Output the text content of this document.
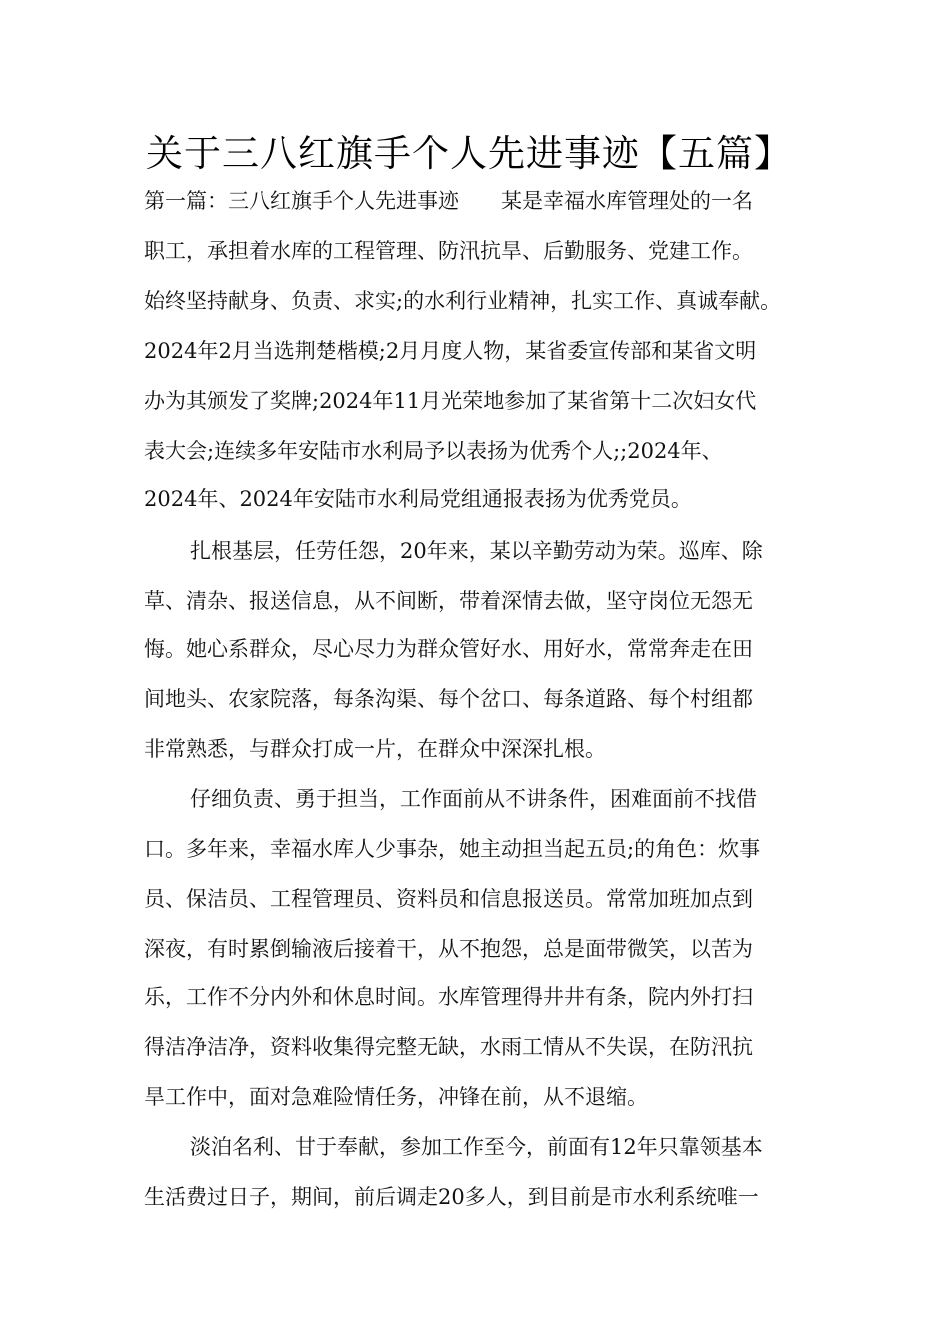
关于三八红旗手个人先进事迹【五篇】
第一篇：三八红旗手个人先进事迹　　某是幸福水库管理处的一名
职工，承担着水库的工程管理、防汛抗旱、后勤服务、党建工作。
始终坚持献身、负责、求实;的水利行业精神，扎实工作、真诚奉献。
2024年2月当选荆楚楷模;2月月度人物，某省委宣传部和某省文明
办为其颁发了奖牌;2024年11月光荣地参加了某省第十二次妇女代
表大会;连续多年安陆市水利局予以表扬为优秀个人;;2024年、
2024年、2024年安陆市水利局党组通报表扬为优秀党员。
扎根基层，任劳任怨，20年来，某以辛勤劳动为荣。巡库、除
草、清杂、报送信息，从不间断，带着深情去做，坚守岗位无怨无
悔。她心系群众，尽心尽力为群众管好水、用好水，常常奔走在田
间地头、农家院落，每条沟渠、每个岔口、每条道路、每个村组都
非常熟悉，与群众打成一片，在群众中深深扎根。
仔细负责、勇于担当，工作面前从不讲条件，困难面前不找借
口。多年来，幸福水库人少事杂，她主动担当起五员;的角色：炊事
员、保洁员、工程管理员、资料员和信息报送员。常常加班加点到
深夜，有时累倒输液后接着干，从不抱怨，总是面带微笑，以苦为
乐，工作不分内外和休息时间。水库管理得井井有条，院内外打扫
得洁净洁净，资料收集得完整无缺，水雨工情从不失误，在防汛抗
旱工作中，面对急难险情任务，冲锋在前，从不退缩。
淡泊名利、甘于奉献，参加工作至今，前面有12年只靠领基本
生活费过日子，期间，前后调走20多人，到目前是市水利系统唯一
